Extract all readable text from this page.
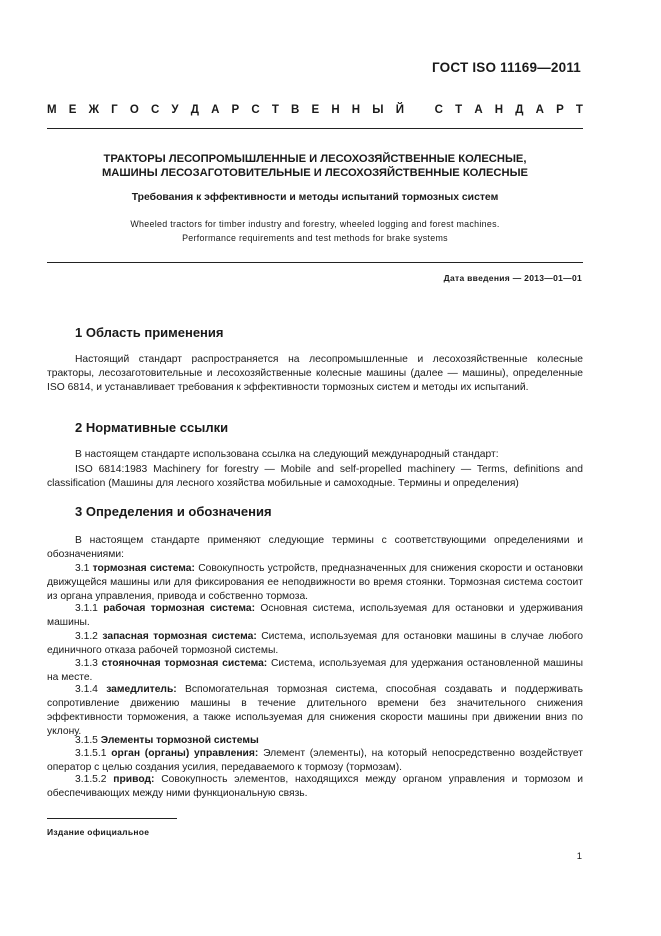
ГОСТ ISO 11169—2011
М Е Ж Г О С У Д А Р С Т В Е Н Н Ы Й
	С Т А Н Д А Р Т
ТРАКТОРЫ ЛЕСОПРОМЫШЛЕННЫЕ И ЛЕСОХОЗЯЙСТВЕННЫЕ КОЛЕСНЫЕ,
МАШИНЫ ЛЕСОЗАГОТОВИТЕЛЬНЫЕ И ЛЕСОХОЗЯЙСТВЕННЫЕ КОЛЕСНЫЕ
Требования к эффективности и методы испытаний тормозных систем
Wheeled tractors for timber industry and forestry, wheeled logging and forest machines.
Performance requirements and test methods for brake systems
Дата введения — 2013—01—01
1 Область применения
Настоящий стандарт распространяется на лесопромышленные и лесохозяйственные колесные тракторы, лесозаготовительные и лесохозяйственные колесные машины (далее — машины), определенные ISO 6814, и устанавливает требования к эффективности тормозных систем и методы их испытаний.
2 Нормативные ссылки
В настоящем стандарте использована ссылка на следующий международный стандарт:
ISO 6814:1983 Machinery for forestry — Mobile and self-propelled machinery — Terms, definitions and classification (Машины для лесного хозяйства мобильные и самоходные. Термины и определения)
3 Определения и обозначения
В настоящем стандарте применяют следующие термины с соответствующими определениями и обозначениями:
3.1 тормозная система: Совокупность устройств, предназначенных для снижения скорости и остановки движущейся машины или для фиксирования ее неподвижности во время стоянки. Тормозная система состоит из органа управления, привода и собственно тормоза.
3.1.1 рабочая тормозная система: Основная система, используемая для остановки и удерживания машины.
3.1.2 запасная тормозная система: Система, используемая для остановки машины в случае любого единичного отказа рабочей тормозной системы.
3.1.3 стояночная тормозная система: Система, используемая для удержания остановленной машины на месте.
3.1.4 замедлитель: Вспомогательная тормозная система, способная создавать и поддерживать сопротивление движению машины в течение длительного времени без значительного снижения эффективности торможения, а также используемая для снижения скорости машины при движении вниз по уклону.
3.1.5 Элементы тормозной системы
3.1.5.1 орган (органы) управления: Элемент (элементы), на который непосредственно воздействует оператор с целью создания усилия, передаваемого к тормозу (тормозам).
3.1.5.2 привод: Совокупность элементов, находящихся между органом управления и тормозом и обеспечивающих между ними функциональную связь.
Издание официальное
1
